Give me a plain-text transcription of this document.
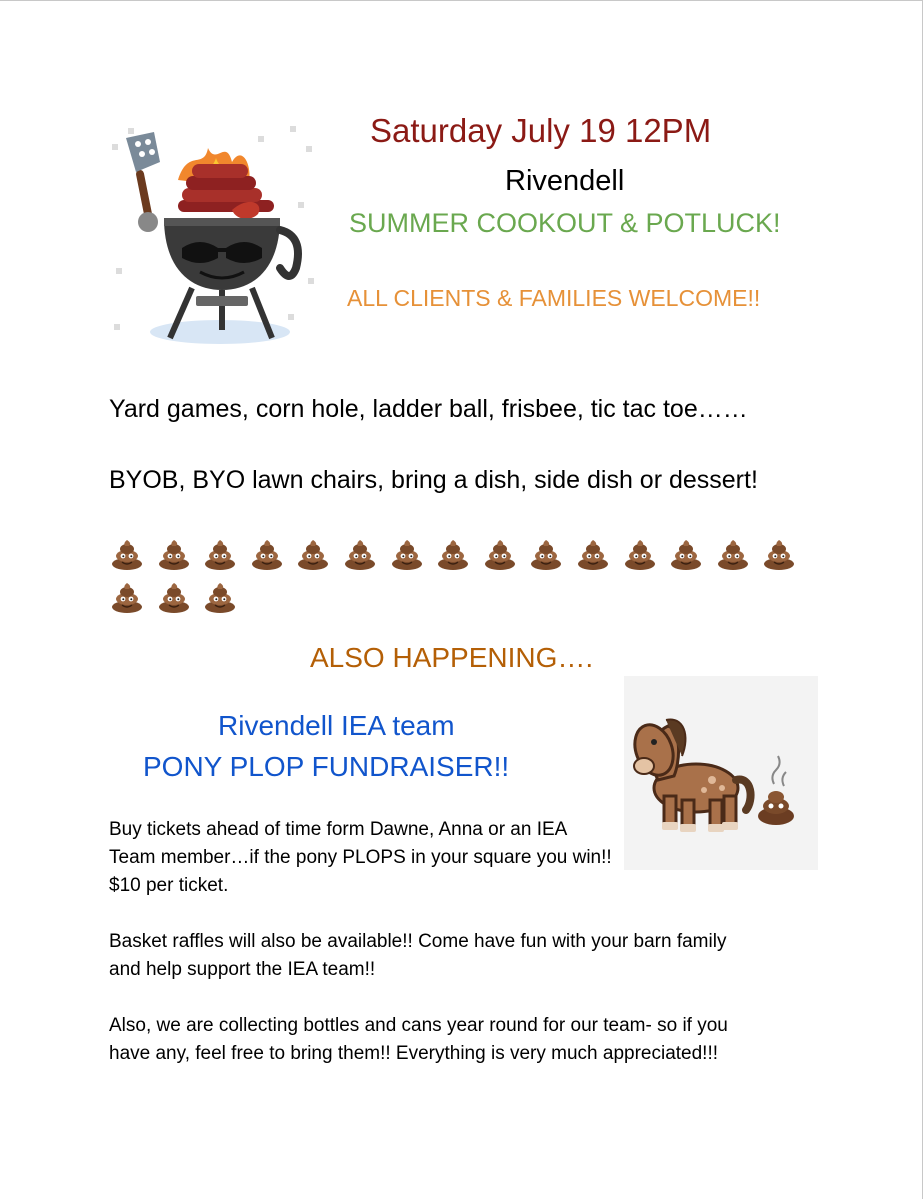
Saturday July 19 12PM

Rivendell

SUMMER COOKOUT & POTLUCK!

ALL CLIENTS & FAMILIES WELCOME!!

Yard games, corn hole, ladder ball, frisbee, tic tac toe……

BYOB, BYO lawn chairs, bring a dish, side dish or dessert!

ALSO HAPPENING….

Rivendell IEA team

PONY PLOP FUNDRAISER!!

Buy tickets ahead of time form Dawne, Anna or an IEA
Team member…if the pony PLOPS in your square you win!!
$10 per ticket.

Basket raffles will also be available!! Come have fun with your barn family
and help support the IEA team!!

Also, we are collecting bottles and cans year round for our team- so if you
have any, feel free to bring them!! Everything is very much appreciated!!!
